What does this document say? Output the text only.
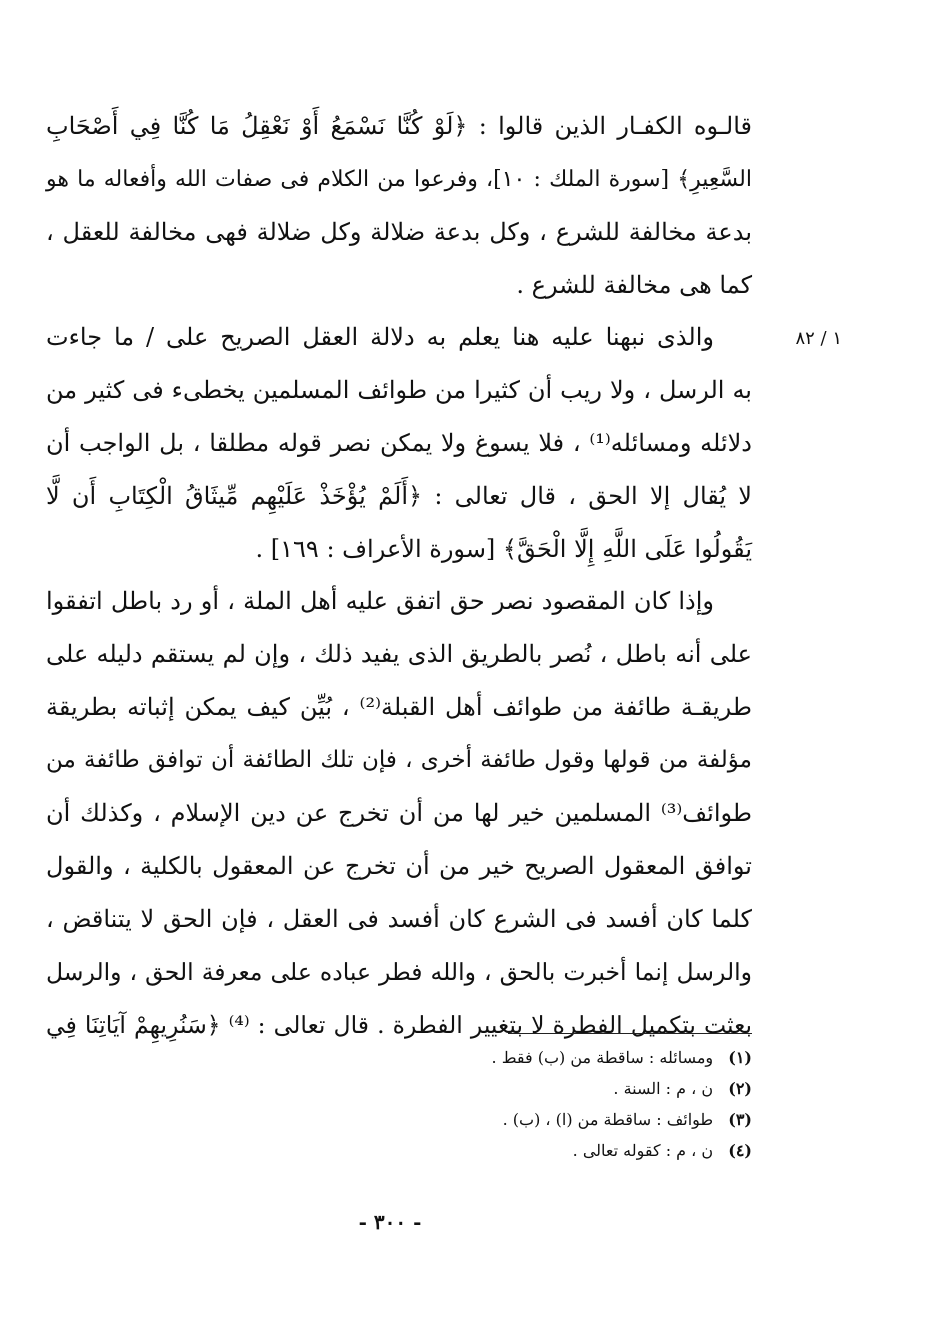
١ / ٨٢
قالـوه الكفـار الذين قالوا : ﴿لَوْ كُنَّا نَسْمَعُ أَوْ نَعْقِلُ مَا كُنَّا فِي أَصْحَابِ
السَّعِيرِ﴾ [سورة الملك : ١٠]، وفرعوا من الكلام فى صفات الله وأفعاله ما هو
بدعة مخالفة للشرع ، وكل بدعة ضلالة وكل ضلالة فهى مخالفة للعقل ،
كما هى مخالفة للشرع .
والذى نبهنا عليه هنا يعلم به دلالة العقل الصريح على / ما جاءت
به الرسل ، ولا ريب أن كثيرا من طوائف المسلمين يخطىء فى كثير من
دلائله ومسائله⁽¹⁾ ، فلا يسوغ ولا يمكن نصر قوله مطلقا ، بل الواجب أن
لا يُقال إلا الحق ، قال تعالى : ﴿أَلَمْ يُؤْخَذْ عَلَيْهِم مِّيثَاقُ الْكِتَابِ أَن لَّا
يَقُولُوا عَلَى اللَّهِ إِلَّا الْحَقَّ﴾ [سورة الأعراف : ١٦٩] .
وإذا كان المقصود نصر حق اتفق عليه أهل الملة ، أو رد باطل اتفقوا
على أنه باطل ، نُصر بالطريق الذى يفيد ذلك ، وإن لم يستقم دليله على
طريقـة طائفة من طوائف أهل القبلة⁽²⁾ ، بُيِّن كيف يمكن إثباته بطريقة
مؤلفة من قولها وقول طائفة أخرى ، فإن تلك الطائفة أن توافق طائفة من
طوائف⁽³⁾ المسلمين خير لها من أن تخرج عن دين الإسلام ، وكذلك أن
توافق المعقول الصريح خير من أن تخرج عن المعقول بالكلية ، والقول
كلما كان أفسد فى الشرع كان أفسد فى العقل ، فإن الحق لا يتناقض ،
والرسل إنما أخبرت بالحق ، والله فطر عباده على معرفة الحق ، والرسل
بعثت بتكميل الفطرة لا بتغيير الفطرة . قال تعالى : ⁽⁴⁾ ﴿سَنُرِيهِمْ آيَاتِنَا فِي
(١) ومسائله : ساقطة من (ب) فقط .
(٢) ن ، م : السنة .
(٣) طوائف : ساقطة من (ا) ، (ب) .
(٤) ن ، م : كقوله تعالى .
- ٣٠٠ -
